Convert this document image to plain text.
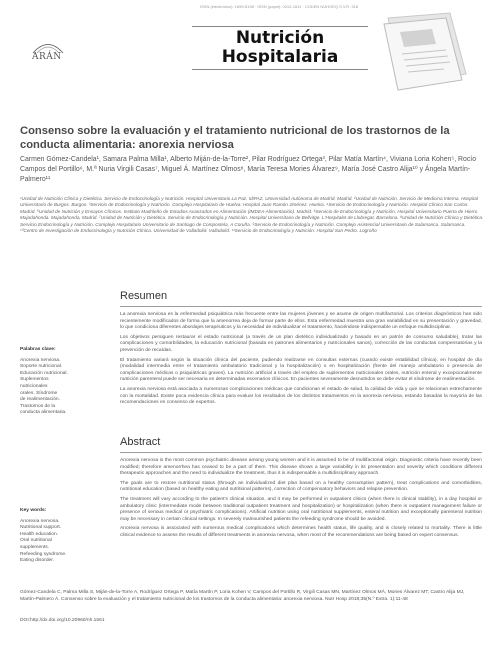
ISSN (electrónico): 1699-5198 · ISSN (papel): 0212-1611 · CODEN NUHOEQ S.V.R. 318
ARÁN
Nutrición
Hospitalaria
Consenso sobre la evaluación y el tratamiento nutricional de los trastornos de la conducta alimentaria: anorexia nerviosa
Carmen Gómez-Candela¹, Samara Palma Milla¹, Alberto Miján-de-la-Torre², Pilar Rodríguez Ortega³, Pilar Matía Martín⁴, Viviana Loria Kohen⁵, Rocío Campos del Portillo⁶, M.ª Nuria Virgili Casas⁷, Miguel Á. Martínez Olmos⁸, María Teresa Mories Álvarez⁹, María José Castro Alija¹⁰ y Ángela Martín-Palmero¹¹
¹Unidad de Nutrición Clínica y Dietética. Servicio de Endocrinología y Nutrición. Hospital Universitario La Paz. IdiPAZ. Universidad Autónoma de Madrid. Madrid. ²Unidad de Nutrición. Servicio de Medicina Interna. Hospital Universitario de Burgos. Burgos. ³Servicio de Endocrinología y Nutrición. Complejo Hospitalario de Huelva: Hospital Juan Ramón Jiménez. Huelva. ⁴Servicio de Endocrinología y Nutrición. Hospital Clínico San Carlos. Madrid. ⁵Unidad de Nutrición y Ensayos Clínicos. Instituto Madrileño de Estudios Avanzados en Alimentación (IMDEA-Alimentación). Madrid. ⁶Servicio de Endocrinología y Nutrición. Hospital Universitario Puerta de Hierro Majadahonda. Majadahonda, Madrid. ⁷Unidad de Nutrición y Dietética. Servicio de Endocrinología y Nutrición. Hospital Universitario de Bellvitge. L'Hospitalet de Llobregat, Barcelona. ⁸Unidad de Nutrición Clínica y Dietética. Servicio Endocrinología y Nutrición. Complejo Hospitalario Universitario de Santiago de Compostela, A Coruña. ⁹Servicio de Endocrinología y Nutrición. Complejo Asistencial Universitario de Salamanca. Salamanca. ¹⁰Centro de Investigación de Endocrinología y Nutrición Clínica. Universidad de Valladolid. Valladolid. ¹¹Servicio de Endocrinología y Nutrición. Hospital San Pedro. Logroño
Resumen
Palabras clave:
Anorexia nerviosa.
Soporte nutricional.
Educación nutricional.
Suplementos
nutricionales
orales. Síndrome
de realimentación.
Trastornos de la
conducta alimentaria.

La anorexia nerviosa es la enfermedad psiquiátrica más frecuente entre las mujeres jóvenes y se asume de origen multifactorial. Los criterios diagnósticos han sido recientemente modificados de forma que la amenorrea deja de formar parte de ellos. Esta enfermedad muestra una gran variabilidad en su presentación y gravedad, lo que condiciona diferentes abordajes terapéuticos y la necesidad de individualizar el tratamiento, haciéndose indispensable un enfoque multidisciplinar.

Los objetivos persiguen restaurar el estado nutricional (a través de un plan dietético individualizado y basado en un patrón de consumo saludable), tratar las complicaciones y comorbilidades, la educación nutricional (basada en patrones alimentarios y nutricionales sanos), corrección de las conductas compensatorias y la prevención de recaídas.

El tratamiento variará según la situación clínica del paciente, pudiendo realizarse en consultas externas (cuando existe estabilidad clínica), en hospital de día (modalidad intermedia entre el tratamiento ambulatorio tradicional y la hospitalización) o en hospitalización (frente del manejo ambulatorio o presencia de complicaciones médicas o psiquiátricas graves). La nutrición artificial a través del empleo de suplementos nutricionales orales, nutrición enteral y excepcionalmente nutrición parenteral puede ser necesaria en determinadas escenarios clínicos. En pacientes severamente desnutridos se debe evitar el síndrome de realimentación.

La anorexia nerviosa está asociada a numerosas complicaciones médicas que condicionan el estado de salud, la calidad de vida y que se relacionan estrechamente con la mortalidad. Existe poca evidencia clínica para evaluar los resultados de los distintos tratamientos en la anorexia nerviosa, estando basadas la mayoría de las recomendaciones en consenso de expertos.

Abstract
Key words:
Anorexia nervosa.
Nutritional support.
Health education.
Oral nutritional
supplements.
Refeeding syndrome.
Eating disorder.

Anorexia nervosa is the most common psychiatric disease among young women and it is assumed to be of multifactorial origin. Diagnostic criteria have recently been modified; therefore amenorrhea has ceased to be a part of them. This disease shows a large variability in its presentation and severity which conditions different therapeutic approaches and the need to individualize the treatment, thus it is indispensable a multidisciplinary approach.

The goals are to restore nutritional status (through an individualized diet plan based on a healthy consumption pattern), treat complications and comorbidities, nutritional education (based on healthy eating and nutritional patterns), correction of compensatory behaviors and relapse prevention.

The treatment will vary according to the patient's clinical situation, and it may be performed in outpatient clinics (when there is clinical stability), in a day hospital or ambulatory clinic (intermediate mode between traditional outpatient treatment and hospitalization) or hospitalization (when there is outpatient management failure or presence of serious medical or psychiatric complications). Artificial nutrition using oral nutritional supplements, enteral nutrition and exceptionally parenteral nutrition may be necessary in certain clinical settings. In severely malnourished patients the refeeding syndrome should be avoided.

Anorexia nervosa is associated with numerous medical complications which determines health status, life quality, and is closely related to mortality. There is little clinical evidence to assess the results of different treatments in anorexia nervosa, when most of the recommendations are being based on expert consensus.

Gómez-Candela C, Palma Milla S, Miján-de-la-Torre A, Rodríguez Ortega P, Matía Martín P, Loria Kohen V, Campos del Portillo R, Virgili Casas MN, Martínez Olmos MÁ, Mories Álvarez MT, Castro Alija MJ, Martín-Palmero Á. Consenso sobre la evaluación y el tratamiento nutricional de los trastornos de la conducta alimentaria: anorexia nerviosa. Nutr Hosp 2018;35(N.º Extra. 1):11-48
DOI:http://dx.doi.org/10.20960/nh.1561
